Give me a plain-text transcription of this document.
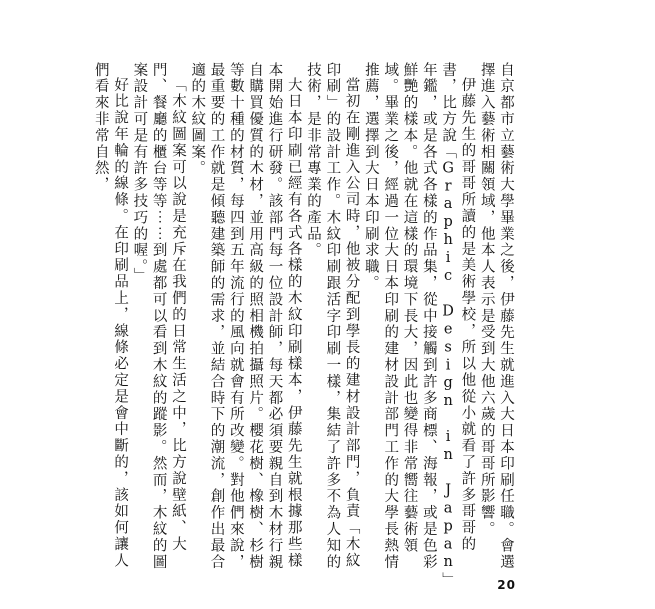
自京都市立藝術大學畢業之後，伊藤先生就進入大日本印刷任職。會選擇進入藝術相關領域，他本人表示是受到大他六歲的哥哥所影響。

伊藤先生的哥哥所讀的是美術學校，所以他從小就看了許多哥哥的書，比方說「Graphic Design in Japan」年鑑，或是各式各樣的作品集，從中接觸到許多商標、海報，或是色彩鮮艷的樣本。他就在這樣的環境下長大，因此也變得非常嚮往藝術領域。畢業之後，經過一位大日本印刷的建材設計部門工作的大學長熱情推薦，選擇到大日本印刷求職。

當初在剛進入公司時，他被分配到學長的建材設計部門，負責「木紋印刷」的設計工作。木紋印刷跟活字印刷一樣，集結了許多不為人知的技術，是非常專業的產品。

大日本印刷已經有各式各樣的木紋印刷樣本，伊藤先生就根據那些樣本開始進行研發。該部門每一位設計師，每天都必須要親自到木材行親自購買優質的木材，並用高級的照相機拍攝照片。櫻花樹、橡樹、杉樹等數十種的材質，每四到五年流行的風向就會有所改變。對他們來說，最重要的工作就是傾聽建築師的需求，並結合時下的潮流，創作出最合適的木紋圖案。

「木紋圖案可以說是充斥在我們的日常生活之中，比方說壁紙、大門、餐廳的櫃台等等⋯⋯到處都可以看到木紋的蹤影。然而，木紋的圖案設計可是有許多技巧的喔。」

好比說年輪的線條。在印刷品上，線條必定是會中斷的，該如何讓人們看來非常自然，

20
